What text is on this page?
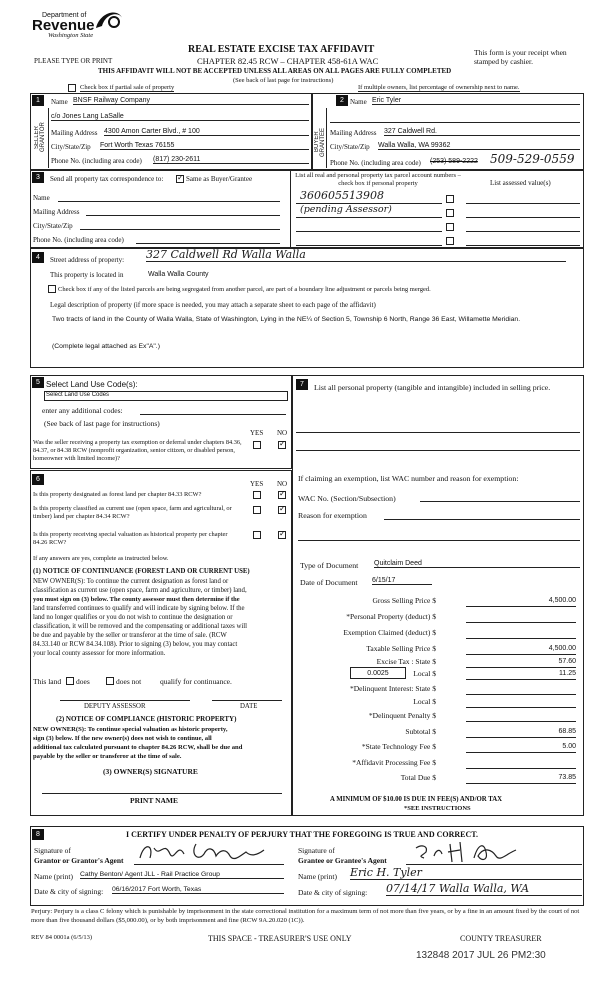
Department of
Revenue
Washington State
PLEASE TYPE OR PRINT
REAL ESTATE EXCISE TAX AFFIDAVIT
CHAPTER 82.45 RCW – CHAPTER 458-61A WAC
THIS AFFIDAVIT WILL NOT BE ACCEPTED UNLESS ALL AREAS ON ALL PAGES ARE FULLY COMPLETED
(See back of last page for instructions)
This form is your receipt when stamped by cashier.
Check box if partial sale of property	If multiple owners, list percentage of ownership next to name.
1
SELLER GRANTOR
Name BNSF Railway Company
c/o Jones Lang LaSalle
Mailing Address 4300 Amon Carter Blvd., # 100
City/State/Zip Fort Worth Texas 76155
Phone No. (including area code) (817) 230-2611
2
BUYER GRANTEE
Name Eric Tyler
Mailing Address 327 Caldwell Rd.
City/State/Zip Walla Walla, WA 99362
Phone No. (including area code) (253) 589-2222 509-529-0559
3	Send all property tax correspondence to:
✓	Same as Buyer/Grantee
Name
Mailing Address
City/State/Zip
Phone No. (including area code)
List all real and personal property tax parcel account numbers – check box if personal property	List assessed value(s)
360605513908
(pending Assessor)
4	Street address of property: 327 Caldwell Rd Walla Walla
This property is located in	Walla Walla County
Check box if any of the listed parcels are being segregated from another parcel, are part of a boundary line adjustment or parcels being merged.
Legal description of property (if more space is needed, you may attach a separate sheet to each page of the affidavit)
Two tracts of land in the County of Walla Walla, State of Washington, Lying in the NE¼ of Section 5, Township 6 North, Range 36 East, Willamette Meridian.
(Complete legal attached as Ex"A".)
5 Select Land Use Code(s):
Select Land Use Codes
enter any additional codes:
(See back of last page for instructions)
YES NO
Was the seller receiving a property tax exemption or deferral under chapters 84.36, 84.37, or 84.38 RCW (nonprofit organization, senior citizen, or disabled person, homeowner with limited income)?
✓
6
YES NO
Is this property designated as forest land per chapter 84.33 RCW?
✓
Is this property classified as current use (open space, farm and agricultural, or timber) land per chapter 84.34 RCW?
✓
Is this property receiving special valuation as historical property per chapter 84.26 RCW?
✓
If any answers are yes, complete as instructed below.
(1) NOTICE OF CONTINUANCE (FOREST LAND OR CURRENT USE)
NEW OWNER(S): To continue the current designation as forest land or
classification as current use (open space, farm and agriculture, or timber) land,
you must sign on (3) below. The county assessor must then determine if the
land transferred continues to qualify and will indicate by signing below. If the
land no longer qualifies or you do not wish to continue the designation or
classification, it will be removed and the compensating or additional taxes will
be due and payable by the seller or transferor at the time of sale. (RCW
84.33.140 or RCW 84.34.108). Prior to signing (3) below, you may contact
your local county assessor for more information.
This land does	does not	qualify for continuance.
DEPUTY ASSESSOR	DATE
(2) NOTICE OF COMPLIANCE (HISTORIC PROPERTY)
NEW OWNER(S): To continue special valuation as historic property,
sign (3) below. If the new owner(s) does not wish to continue, all
additional tax calculated pursuant to chapter 84.26 RCW, shall be due and
payable by the seller or transferor at the time of sale.
(3) OWNER(S) SIGNATURE
PRINT NAME
7	List all personal property (tangible and intangible) included in selling price.
If claiming an exemption, list WAC number and reason for exemption:
WAC No. (Section/Subsection)
Reason for exemption
Type of Document Quitclaim Deed
Date of Document 6/15/17
Gross Selling Price $	4,500.00
*Personal Property (deduct) $
Exemption Claimed (deduct) $
Taxable Selling Price $	4,500.00
Excise Tax : State $	57.60
0.0025	Local $	11.25
*Delinquent Interest: State $
Local $
*Delinquent Penalty $
Subtotal $	68.85
*State Technology Fee $	5.00
*Affidavit Processing Fee $
Total Due $	73.85
A MINIMUM OF $10.00 IS DUE IN FEE(S) AND/OR TAX
*SEE INSTRUCTIONS
8	I CERTIFY UNDER PENALTY OF PERJURY THAT THE FOREGOING IS TRUE AND CORRECT.
Signature of
Grantor or Grantor's Agent
Name (print) Cathy Benton/ Agent JLL - Rail Practice Group
Date & city of signing: 06/16/2017 Fort Worth, Texas
Signature of
Grantee or Grantee's Agent
Name (print) Eric H. Tyler
Date & city of signing: 07/14/17 Walla Walla, WA
Perjury: Perjury is a class C felony which is punishable by imprisonment in the state correctional institution for a maximum term of not more than five years, or by a fine in an amount fixed by the court of not more than five thousand dollars ($5,000.00), or by both imprisonment and fine (RCW 9A.20.020 (1C)).
REV 84 0001a (6/5/13)	THIS SPACE - TREASURER'S USE ONLY	COUNTY TREASURER
132848 2017 JUL 26 PM2:30
